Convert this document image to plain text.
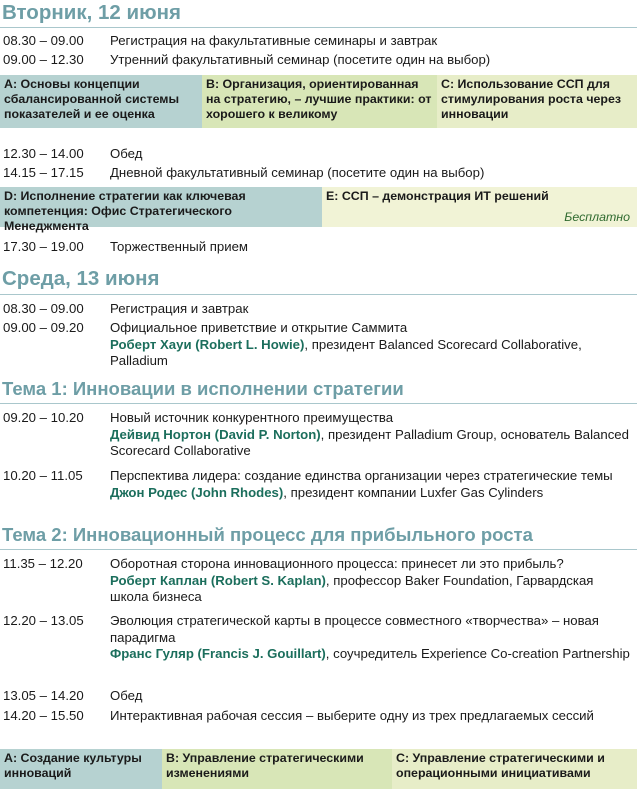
Вторник, 12 июня
08.30 – 09.00 Регистрация на факультативные семинары и завтрак
09.00 – 12.30 Утренний факультативный семинар (посетите один на выбор)
A: Основы концепции сбалансированной системы показателей и ее оценка
B: Организация, ориентированная на стратегию, – лучшие практики: от хорошего к великому
C: Использование ССП для стимулирования роста через инновации
12.30 – 14.00 Обед
14.15 – 17.15 Дневной факультативный семинар (посетите один на выбор)
D: Исполнение стратегии как ключевая компетенция: Офис Стратегического Менеджмента
E: ССП – демонстрация ИТ решений
Бесплатно
17.30 – 19.00 Торжественный прием
Среда, 13 июня
08.30 – 09.00 Регистрация и завтрак
09.00 – 09.20 Официальное приветствие и открытие Саммита
Роберт Хауи (Robert L. Howie), президент Balanced Scorecard Collaborative, Palladium
Тема 1: Инновации в исполнении стратегии
09.20 – 10.20 Новый источник конкурентного преимущества
Дейвид Нортон (David P. Norton), президент Palladium Group, основатель Balanced Scorecard Collaborative
10.20 – 11.05 Перспектива лидера: создание единства организации через стратегические темы
Джон Родес (John Rhodes), президент компании Luxfer Gas Cylinders
Тема 2: Инновационный процесс для прибыльного роста
11.35 – 12.20 Оборотная сторона инновационного процесса: принесет ли это прибыль?
Роберт Каплан (Robert S. Kaplan), профессор Baker Foundation, Гарвардская школа бизнеса
12.20 – 13.05 Эволюция стратегической карты в процессе совместного «творчества» – новая парадигма
Франс Гуляр (Francis J. Gouillart), соучредитель Experience Co-creation Partnership
13.05 – 14.20 Обед
14.20 – 15.50 Интерактивная рабочая сессия – выберите одну из трех предлагаемых сессий
A: Создание культуры инноваций
B: Управление стратегическими изменениями
C: Управление стратегическими и операционными инициативами
